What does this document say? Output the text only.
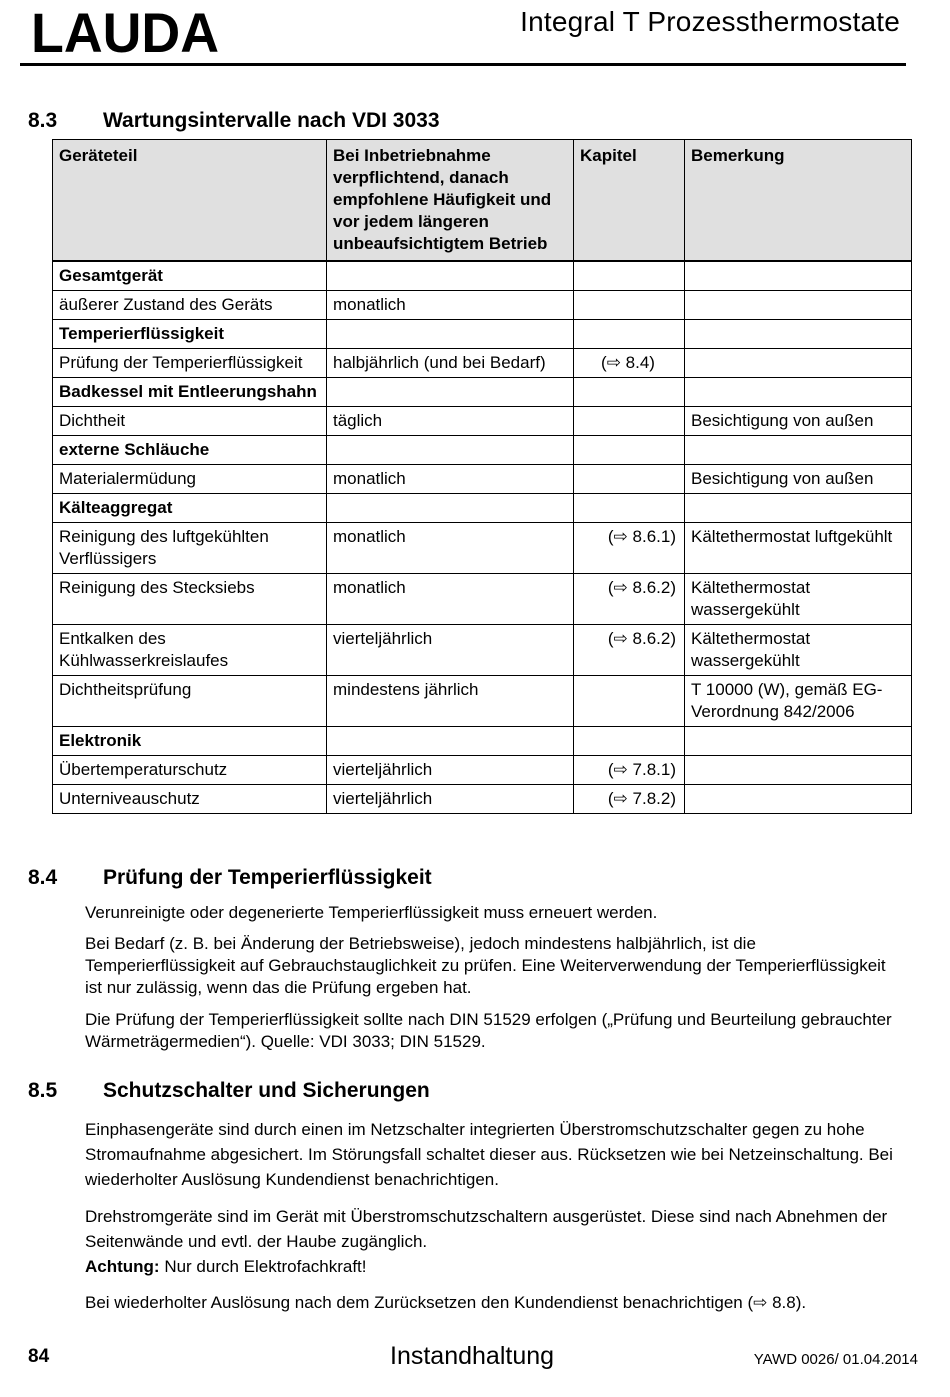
LAUDA	Integral T Prozessthermostate
8.3 Wartungsintervalle nach VDI 3033
Geräteteil	Bei Inbetriebnahme verpflichtend, danach empfohlene Häufigkeit und vor jedem längeren unbeaufsichtigtem Betrieb	Kapitel	Bemerkung
Gesamtgerät			
äußerer Zustand des Geräts	monatlich		
Temperierflüssigkeit			
Prüfung der Temperierflüssigkeit	halbjährlich (und bei Bedarf)	(⇨ 8.4)	
Badkessel mit Entleerungshahn			
Dichtheit	täglich		Besichtigung von außen
externe Schläuche			
Materialermüdung	monatlich		Besichtigung von außen
Kälteaggregat			
Reinigung des luftgekühlten Verflüssigers	monatlich	(⇨ 8.6.1)	Kältethermostat luftgekühlt
Reinigung des Stecksiebs	monatlich	(⇨ 8.6.2)	Kältethermostat wassergekühlt
Entkalken des Kühlwasserkreislaufes	vierteljährlich	(⇨ 8.6.2)	Kältethermostat wassergekühlt
Dichtheitsprüfung	mindestens jährlich		T 10000 (W), gemäß EG-Verordnung 842/2006
Elektronik			
Übertemperaturschutz	vierteljährlich	(⇨ 7.8.1)	
Unterniveauschutz	vierteljährlich	(⇨ 7.8.2)	
8.4 Prüfung der Temperierflüssigkeit
Verunreinigte oder degenerierte Temperierflüssigkeit muss erneuert werden.
Bei Bedarf (z. B. bei Änderung der Betriebsweise), jedoch mindestens halbjährlich, ist die Temperierflüssigkeit auf Gebrauchstauglichkeit zu prüfen. Eine Weiterverwendung der Temperierflüssigkeit ist nur zulässig, wenn das die Prüfung ergeben hat.
Die Prüfung der Temperierflüssigkeit sollte nach DIN 51529 erfolgen („Prüfung und Beurteilung gebrauchter Wärmeträgermedien“). Quelle: VDI 3033; DIN 51529.
8.5 Schutzschalter und Sicherungen
Einphasengeräte sind durch einen im Netzschalter integrierten Überstromschutzschalter gegen zu hohe Stromaufnahme abgesichert. Im Störungsfall schaltet dieser aus. Rücksetzen wie bei Netzeinschaltung. Bei wiederholter Auslösung Kundendienst benachrichtigen.
Drehstromgeräte sind im Gerät mit Überstromschutzschaltern ausgerüstet. Diese sind nach Abnehmen der Seitenwände und evtl. der Haube zugänglich.
Achtung: Nur durch Elektrofachkraft!
Bei wiederholter Auslösung nach dem Zurücksetzen den Kundendienst benachrichtigen (⇨ 8.8).
84	Instandhaltung	YAWD 0026/ 01.04.2014
